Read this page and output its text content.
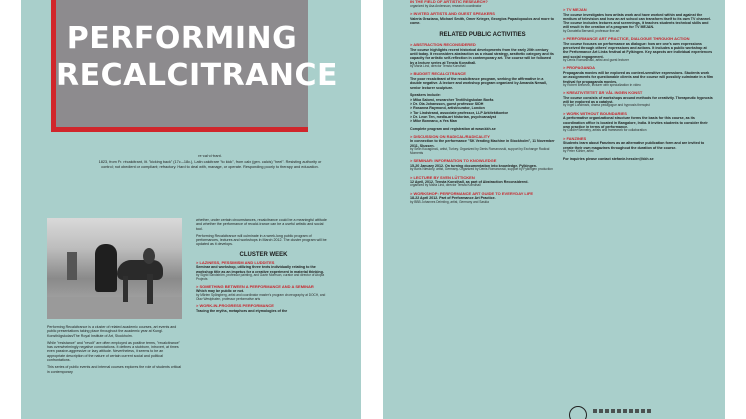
PERFORMING
RECALCITRANCE
re·cal·ci·trant.
1823, from Fr. récalcitrant, lit. "kicking back" (17c.–18c.), Latin calcitrare "to kick", from calx (gen. calcis) "heel". Resisting authority or control; not obedient or compliant; refractory. Hard to deal with, manage, or operate. Responding poorly to therapy and education.

Performing Recalcitrance is a cluster of related academic courses, art events and public presentations taking place throughout the academic year at Kungl. Konsthögskolan/The Royal Institute of Art, Stockholm.

While "resistance" and "revolt" are often employed as positive terms, "recalcitrance" has overwhelmingly negative connotations. It defines a stubborn, introvert, at times even passive-aggressive or lazy attitude. Nevertheless, it seems to be an appropriate description of the nature of certain current social and political confrontations.

This series of public events and internal courses explores the role of students critical in contemporary

whether, under certain circumstances, recalcitrance could be a meaningful attitude and whether the performance of recalci-trance can be a useful artistic and social tool.

Performing Recalcitrance will culminate in a week-long public program of performances, lectures and workshops in March 2012. The cluster program will be updated as it develops.

CLUSTER WEEK
> LAZINESS, PESSIMISM AND LUDDITES
Seminar and workshop, utilizing three texts individually relating to the workshop title as an impetus for a creative experiment in material thinking.
by Sigrid Sandström, professor painting, and Gavin Morrison, curator and director of Atopia Projects
> SOMETHING BETWEEN A PERFORMANCE AND A SEMINAR
Which may be public or not.
by Mårten Spångberg, artist and coordinator master's program choreography at DOCH, and Olav Westphalen, professor performative arts
> WORK-IN-PROGRESS PERFORMANCE
Tracing the myths, metaphors and etymologies of the
IN THE FIELD OF ARTISTIC RESEARCH?
organized by Asa Andersson, research coordinator
> INVITED ARTISTS AND GUEST SPEAKERS
Valeria Graziano, Michael Smith, Omer Krieger, Georgios Papadopoulos and more to come.
RELATED PUBLIC ACTIVITIES
> ABSTRACTION RECONSIDERED
The course highlights recent historical developments from the early 20th century until today. It reconsiders abstraction as a visual strategy, aesthetic category and its capacity for artistic self-reflection in contemporary art. The course will be followed by a lecture series at Tensta Konsthall.
by Maria Lind, director Tensta Konsthall
> BUDGET RECALCITRANCE
The poor recalcitrant of the recalcitrance program, seeking the affirmative in a double negative. A lecture and workshop program organized by Amanda Newall, senior lecturer sculpture.
Speakers include:
> Mika Salomi, researcher Textilhögskolan Borås
> Dr. Ola Johansson, guest professor SIDH
> Rosanna Raymond, artist/curator, London
> Tor Lindstrand, associate professor, LLP Arkitektkontor
> Dr. Leon Ten, media-art historian, psychoanalyst
> Mike Bonnano, a Yes Man
Complete program and registration at www.kkh.se
> DISCUSSION ON RADICAL/RADICALITY
In connection to the performance "SK Vending Machine in Stockholm", 11 November 2011, Slussen.
by Selin Kocagöncü, artist, Turkey. Organized by Denis Romanovski, support by Exchange Radical Moments
> SEMINAR: INFORMATION TO KNOWLEDGE
15-20 January 2012. On turning documentation into knowledge. Fylkingen.
by Boris Nieslony, artist, Germany. Organized by Denis Romanovski, support by Fylkingen production
> LECTURE BY SVEN LÜTTICKEN
12 April, 2012, Tensta Konsthall, as part of Abstraction Reconsidered.
organized by Maria Lind, director Tensta Konsthall
> WORKSHOP: PERFORMANCE ART GUIDE TO EVERYDAY LIFE
18-22 April 2012. Part of Performance Art Practice.
by BBB Johannes Deimling, artist, Germany and Saskia
> TV MEJAN
The course investigates how artists work and have worked within and against the medium of television and how an art school can transform itself to its own TV channel. The course includes lectures and screenings, it teaches students technical skills and will result in the creation of a program for TV MEJAN.
by Donatella Bernardi, professor fine art
> PERFORMANCE ART PRACTICE, DIALOGUE THROUGH ACTION
The course focuses on performance as dialogue: how are one's own expressions perceived through others' expressions and actions. It includes a public workshop at the Performance Art Links festival at Fylkingen. Key aspects are individual experiences and social engagement.
by Denis Romanovski, artist and guest lecturer
> PROPAGANDA
Propaganda movies will be explored as context-sensitive expressions. Students work on assignments for questionable clients and the course will possibly culminate in a film festival for propaganda movies.
by Robert Brecevic, lecturer with specialization in video
> KREATIVITETET ÄR VÅL INGEN KONST
The course consists of workshops around methods for creativity. Therapeutic hypnosis will be explored as a catalyst.
by Ingel Lundmark, drama pedagogue and hypnosis therapist
> WORK WITHOUT BOUNDARIES
A performative organizational structure forms the basis for this course, as its coordination office is located in Bangalore, India. It invites students to consider their own practice in terms of performance.
by Goldin+Senneby, artists and framework for collaboration
> FANZINES
Students learn about Fanzines as an alternative publication form and are invited to create their own magazines throughout the duration of the course.
by Peter Kühler, artist
For inquiries please contact stefanie.hessler@kkh.se
